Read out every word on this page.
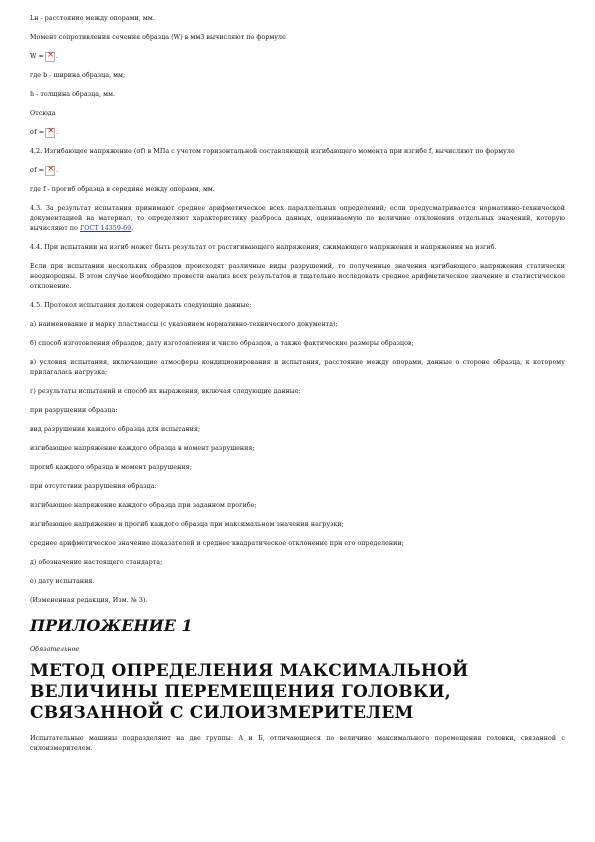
Lн - расстояние между опорами, мм.

Момент сопротивления сечения образца (W) в мм3 вычисляют по формуле

W = × .

где b - ширина образца, мм;

h - толщина образца, мм.

Отсюда

σf = × .

4.2. Изгибающее напряжение (σf) в МПа с учетом горизонтальной составляющей изгибающего момента при изгибе f, вычисляют по формуле

σf = × .

где f - прогиб образца в середине между опорами, мм.

4.3. За результат испытания принимают среднее арифметическое всех параллельных определений; если предусматривается нормативно-технической документацией на материал, то определяют характеристику разброса данных, оцениваемую по величине отклонения отдельных значений, которую вычисляют по ГОСТ 14359-69.

4.4. При испытании на изгиб может быть результат от растягивающего напряжения, сжимающего напряжения и напряжения на изгиб.

Если при испытании нескольких образцов происходят различные виды разрушений, то полученные значения изгибающего напряжения статически неоднородны. В этом случае необходимо провести анализ всех результатов и тщательно исследовать среднее арифметическое значение и статистическое отклонение.

4.5. Протокол испытания должен содержать следующие данные:

а) наименование и марку пластмассы (с указанием нормативно-технического документа);

б) способ изготовления образцов, дату изготовления и число образцов, а также фактические размеры образцов;

в) условия испытания, включающие атмосферы кондиционирования и испытания, расстояние между опорами, данные о стороне образца, к которому прилагалась нагрузка;

г) результаты испытаний и способ их выражения, включая следующие данные:

при разрушении образца:

вид разрушения каждого образца для испытания;

изгибающее напряжение каждого образца в момент разрушения;

прогиб каждого образца в момент разрушения;

при отсутствии разрушения образца:

изгибающее напряжение каждого образца при заданном прогибе;

изгибающее напряжение и прогиб каждого образца при максимальном значении нагрузки;

среднее арифметическое значение показателей и среднее квадратическое отклонение при его определении;

д) обозначение настоящего стандарта;

е) дату испытания.

(Измененная редакция, Изм. № 3).

ПРИЛОЖЕНИЕ 1
Обязательное
МЕТОД ОПРЕДЕЛЕНИЯ МАКСИМАЛЬНОЙ ВЕЛИЧИНЫ ПЕРЕМЕЩЕНИЯ ГОЛОВКИ, СВЯЗАННОЙ С СИЛОИЗМЕРИТЕЛЕМ

Испытательные машины подразделяют на две группы: А и Б, отличающиеся по величине максимального перемещения головки, связанной с силоизмерителем.
